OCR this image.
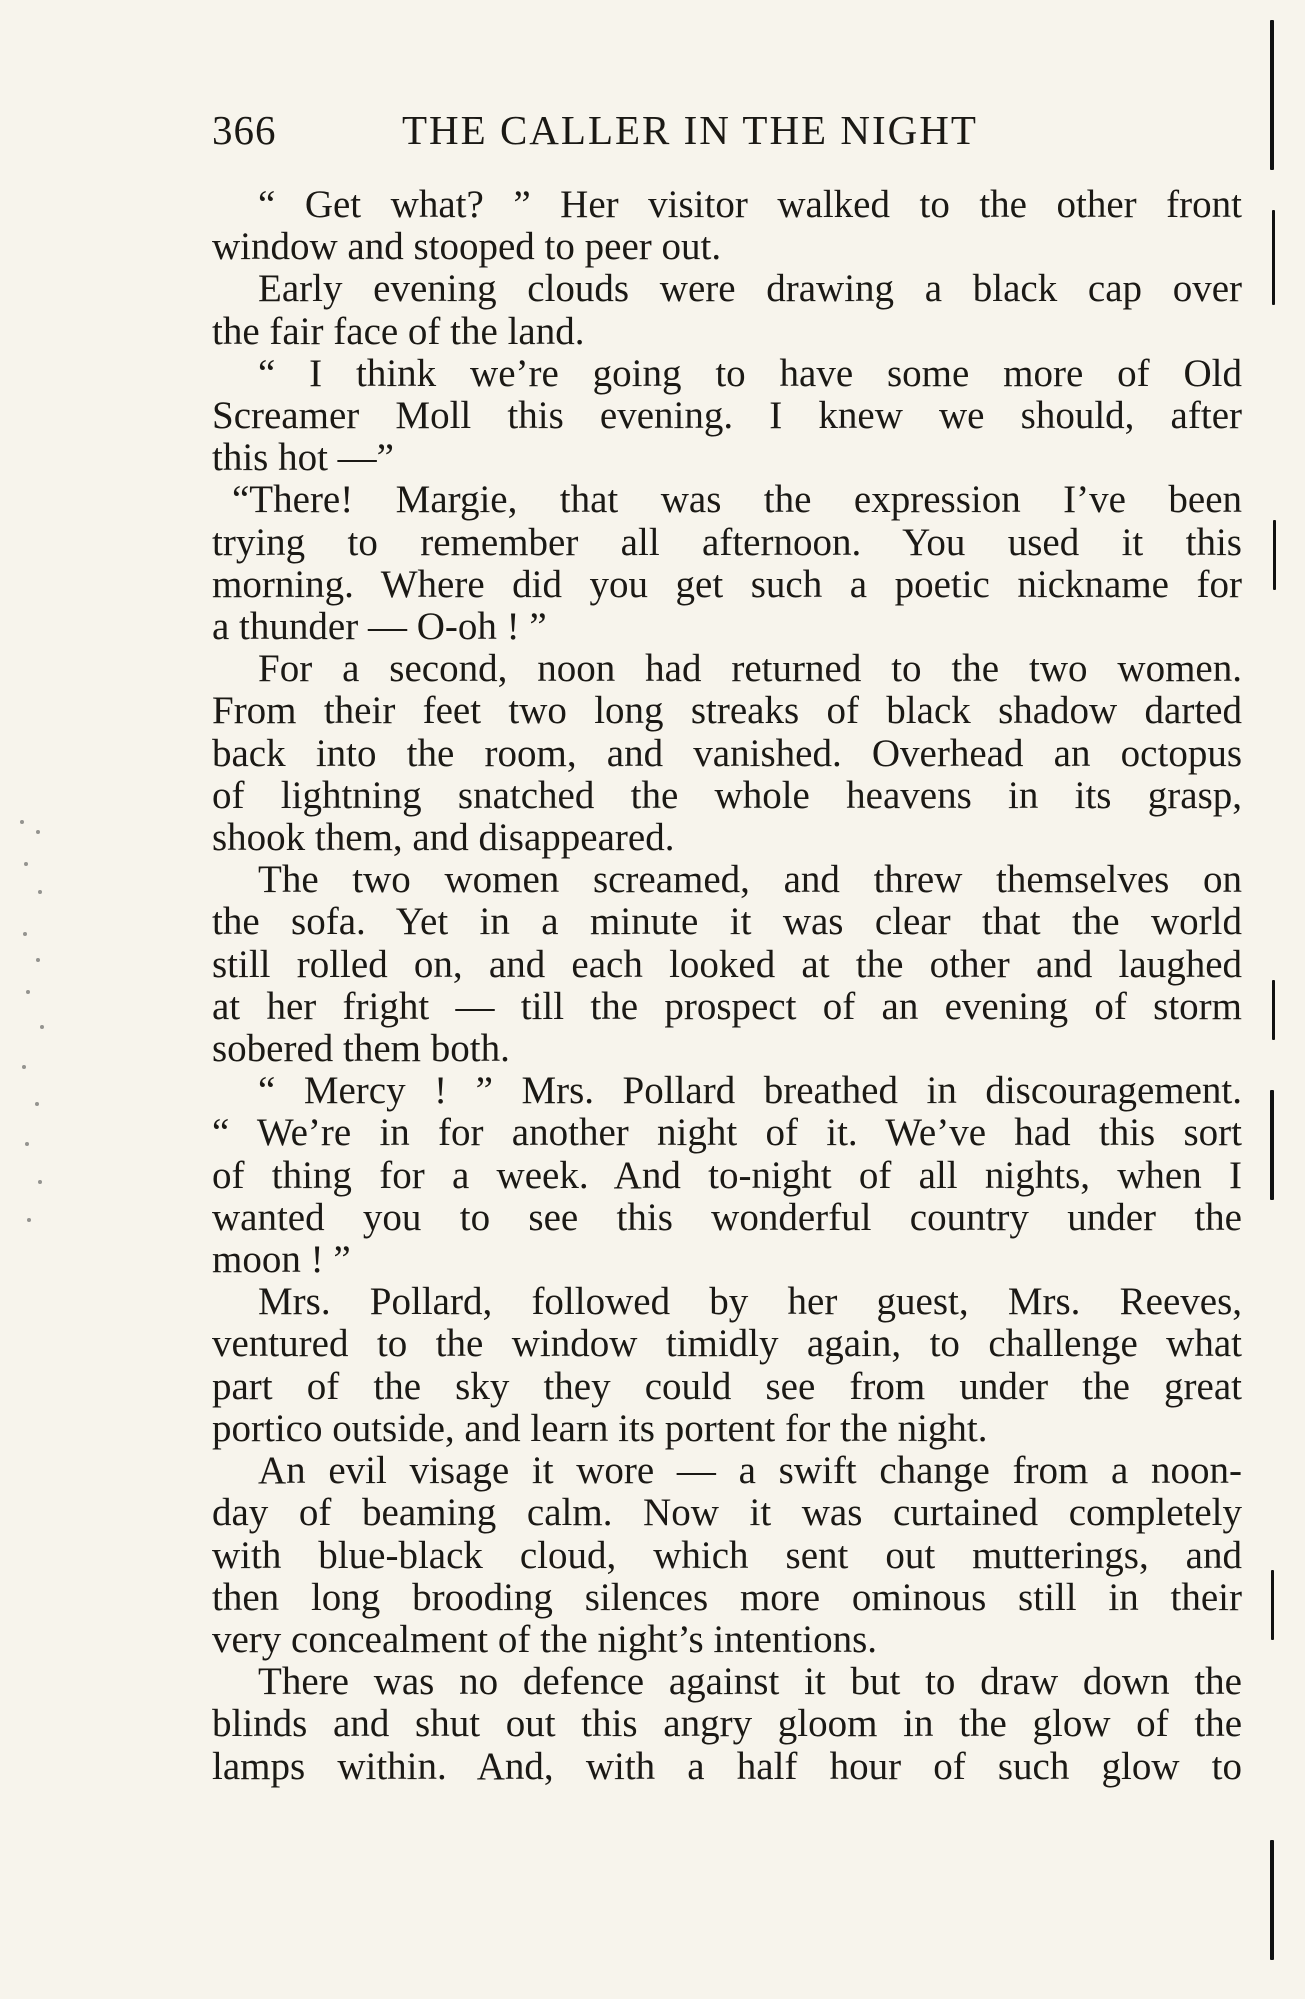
366	THE CALLER IN THE NIGHT

“ Get what? ” Her visitor walked to the other front

window and stooped to peer out.

Early evening clouds were drawing a black cap over

the fair face of the land.

“ I think we’re going to have some more of Old

Screamer Moll this evening. I knew we should, after

this hot —”

“There! Margie, that was the expression I’ve been

trying to remember all afternoon. You used it this

morning. Where did you get such a poetic nickname for

a thunder — O-oh ! ”

For a second, noon had returned to the two women.

From their feet two long streaks of black shadow darted

back into the room, and vanished. Overhead an octopus

of lightning snatched the whole heavens in its grasp,

shook them, and disappeared.

The two women screamed, and threw themselves on

the sofa. Yet in a minute it was clear that the world

still rolled on, and each looked at the other and laughed

at her fright — till the prospect of an evening of storm

sobered them both.

“ Mercy ! ” Mrs. Pollard breathed in discouragement.

“ We’re in for another night of it. We’ve had this sort

of thing for a week. And to-night of all nights, when I

wanted you to see this wonderful country under the

moon ! ”

Mrs. Pollard, followed by her guest, Mrs. Reeves,

ventured to the window timidly again, to challenge what

part of the sky they could see from under the great

portico outside, and learn its portent for the night.

An evil visage it wore — a swift change from a noon-

day of beaming calm. Now it was curtained completely

with blue-black cloud, which sent out mutterings, and

then long brooding silences more ominous still in their

very concealment of the night’s intentions.

There was no defence against it but to draw down the

blinds and shut out this angry gloom in the glow of the

lamps within. And, with a half hour of such glow to
